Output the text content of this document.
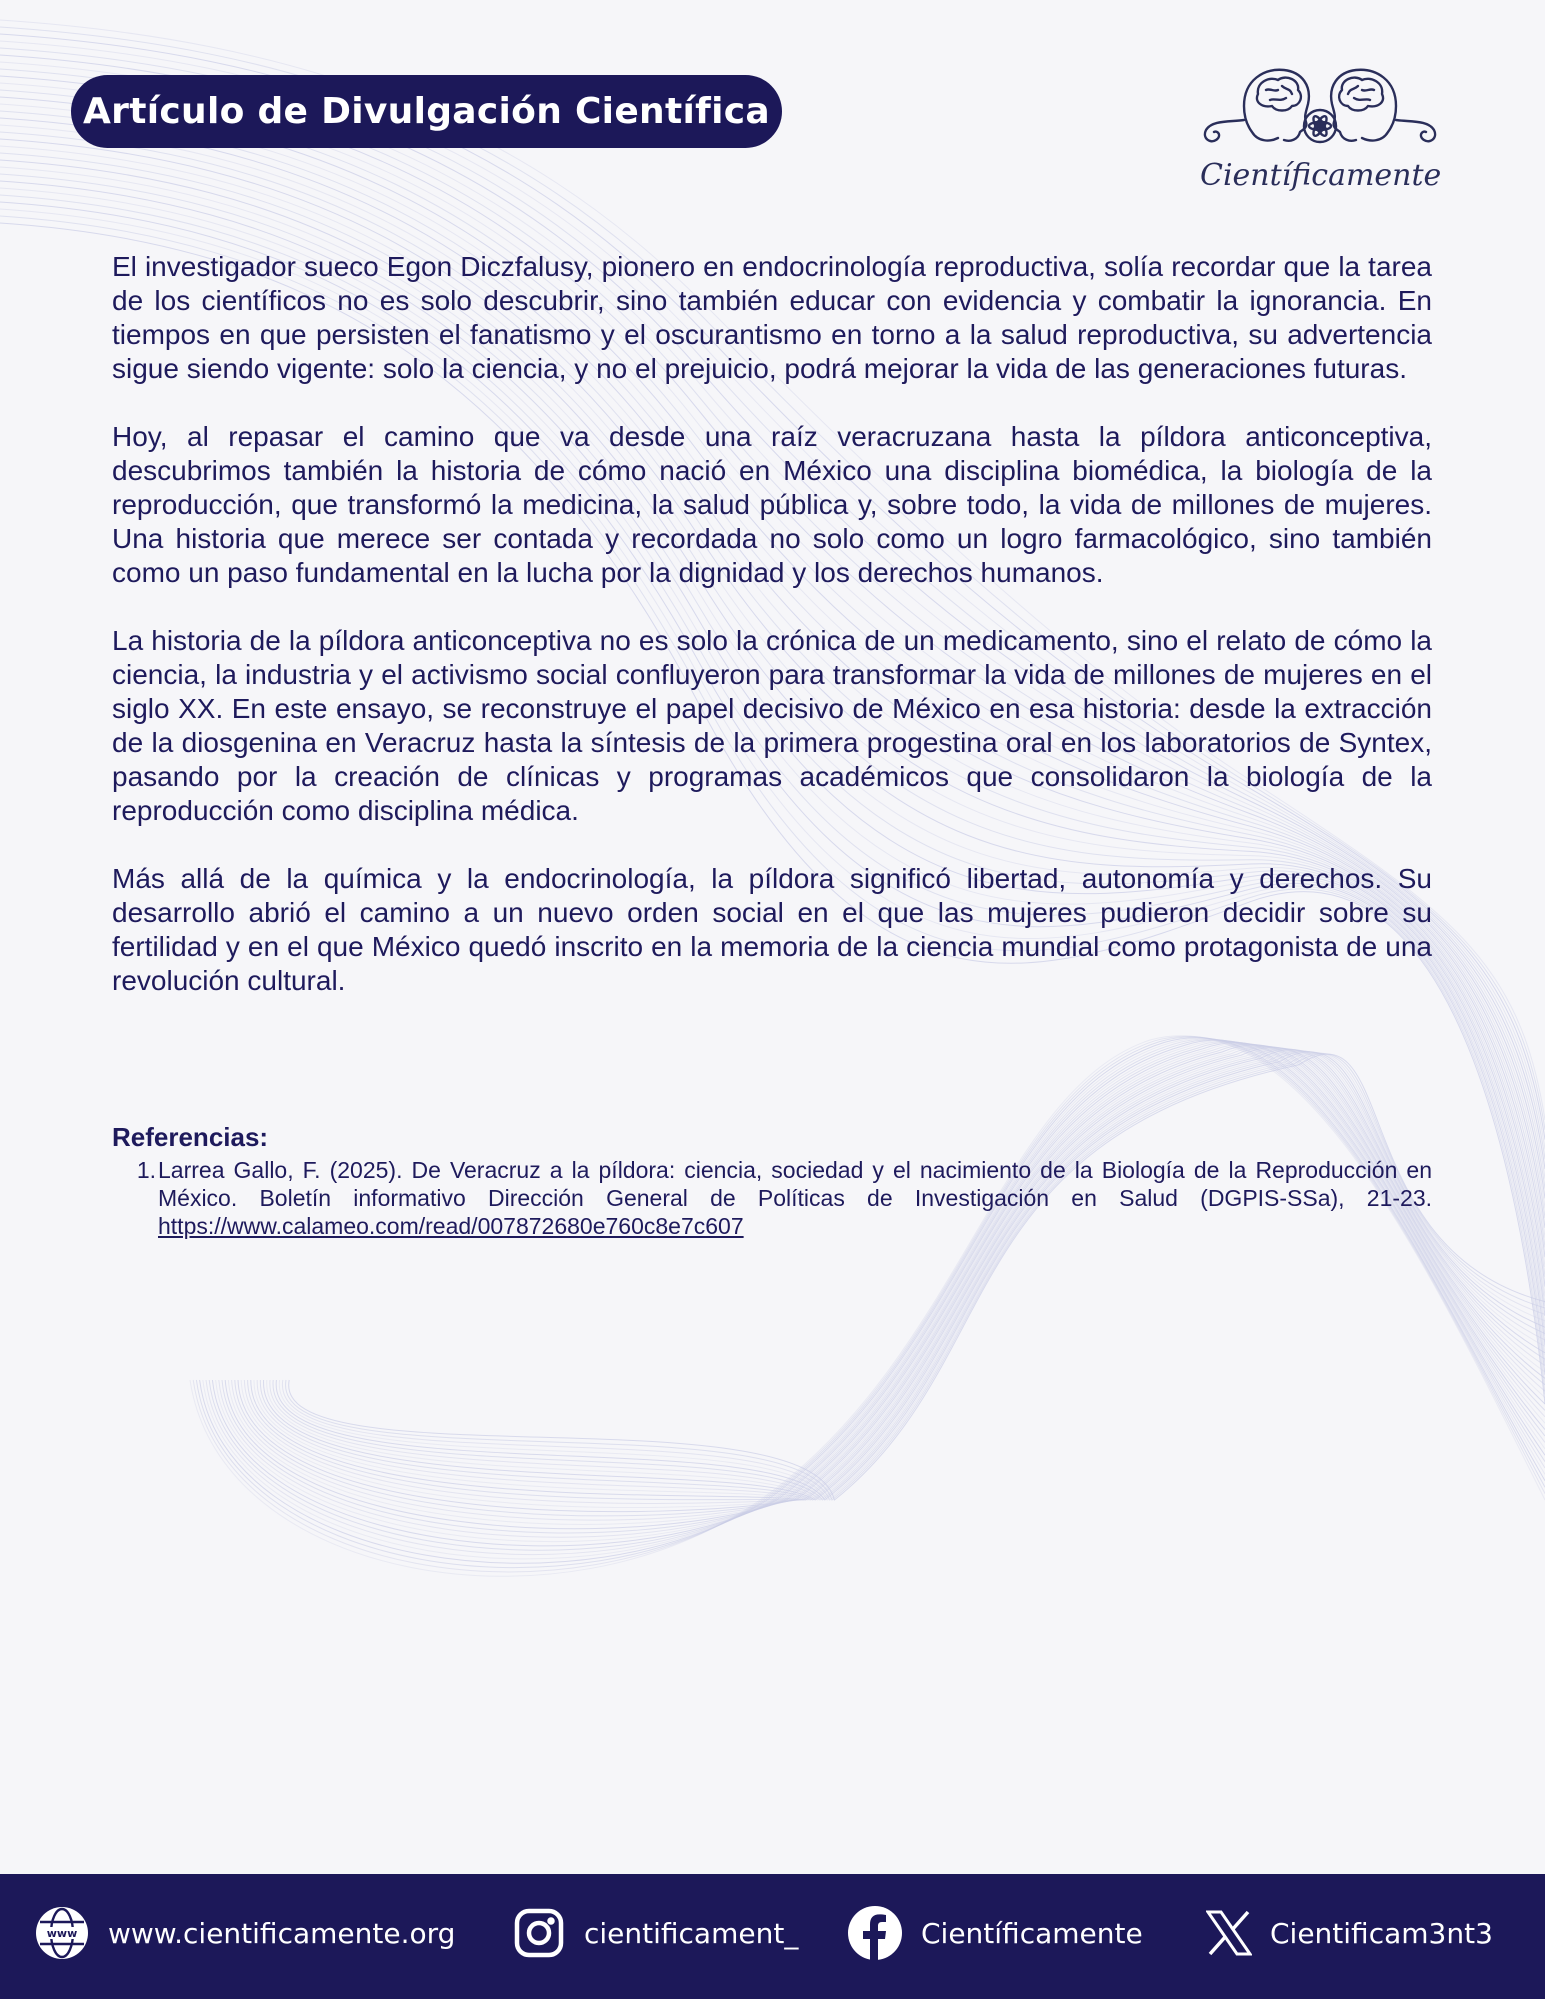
Artículo de Divulgación Científica
Científicamente

El investigador sueco Egon Diczfalusy, pionero en endocrinología reproductiva, solía recordar que la tarea de los científicos no es solo descubrir, sino también educar con evidencia y combatir la ignorancia. En tiempos en que persisten el fanatismo y el oscurantismo en torno a la salud reproductiva, su advertencia sigue siendo vigente: solo la ciencia, y no el prejuicio, podrá mejorar la vida de las generaciones futuras.

Hoy, al repasar el camino que va desde una raíz veracruzana hasta la píldora anticonceptiva, descubrimos también la historia de cómo nació en México una disciplina biomédica, la biología de la reproducción, que transformó la medicina, la salud pública y, sobre todo, la vida de millones de mujeres. Una historia que merece ser contada y recordada no solo como un logro farmacológico, sino también como un paso fundamental en la lucha por la dignidad y los derechos humanos.

La historia de la píldora anticonceptiva no es solo la crónica de un medicamento, sino el relato de cómo la ciencia, la industria y el activismo social confluyeron para transformar la vida de millones de mujeres en el siglo XX. En este ensayo, se reconstruye el papel decisivo de México en esa historia: desde la extracción de la diosgenina en Veracruz hasta la síntesis de la primera progestina oral en los laboratorios de Syntex, pasando por la creación de clínicas y programas académicos que consolidaron la biología de la reproducción como disciplina médica.

Más allá de la química y la endocrinología, la píldora significó libertad, autonomía y derechos. Su desarrollo abrió el camino a un nuevo orden social en el que las mujeres pudieron decidir sobre su fertilidad y en el que México quedó inscrito en la memoria de la ciencia mundial como protagonista de una revolución cultural.

Referencias:
1. Larrea Gallo, F. (2025). De Veracruz a la píldora: ciencia, sociedad y el nacimiento de la Biología de la Reproducción en México. Boletín informativo Dirección General de Políticas de Investigación en Salud (DGPIS-SSa), 21-23. https://www.calameo.com/read/007872680e760c8e7c607
www www.cientificamente.org	cientificament_	Científicamente	Cientificam3nt3
